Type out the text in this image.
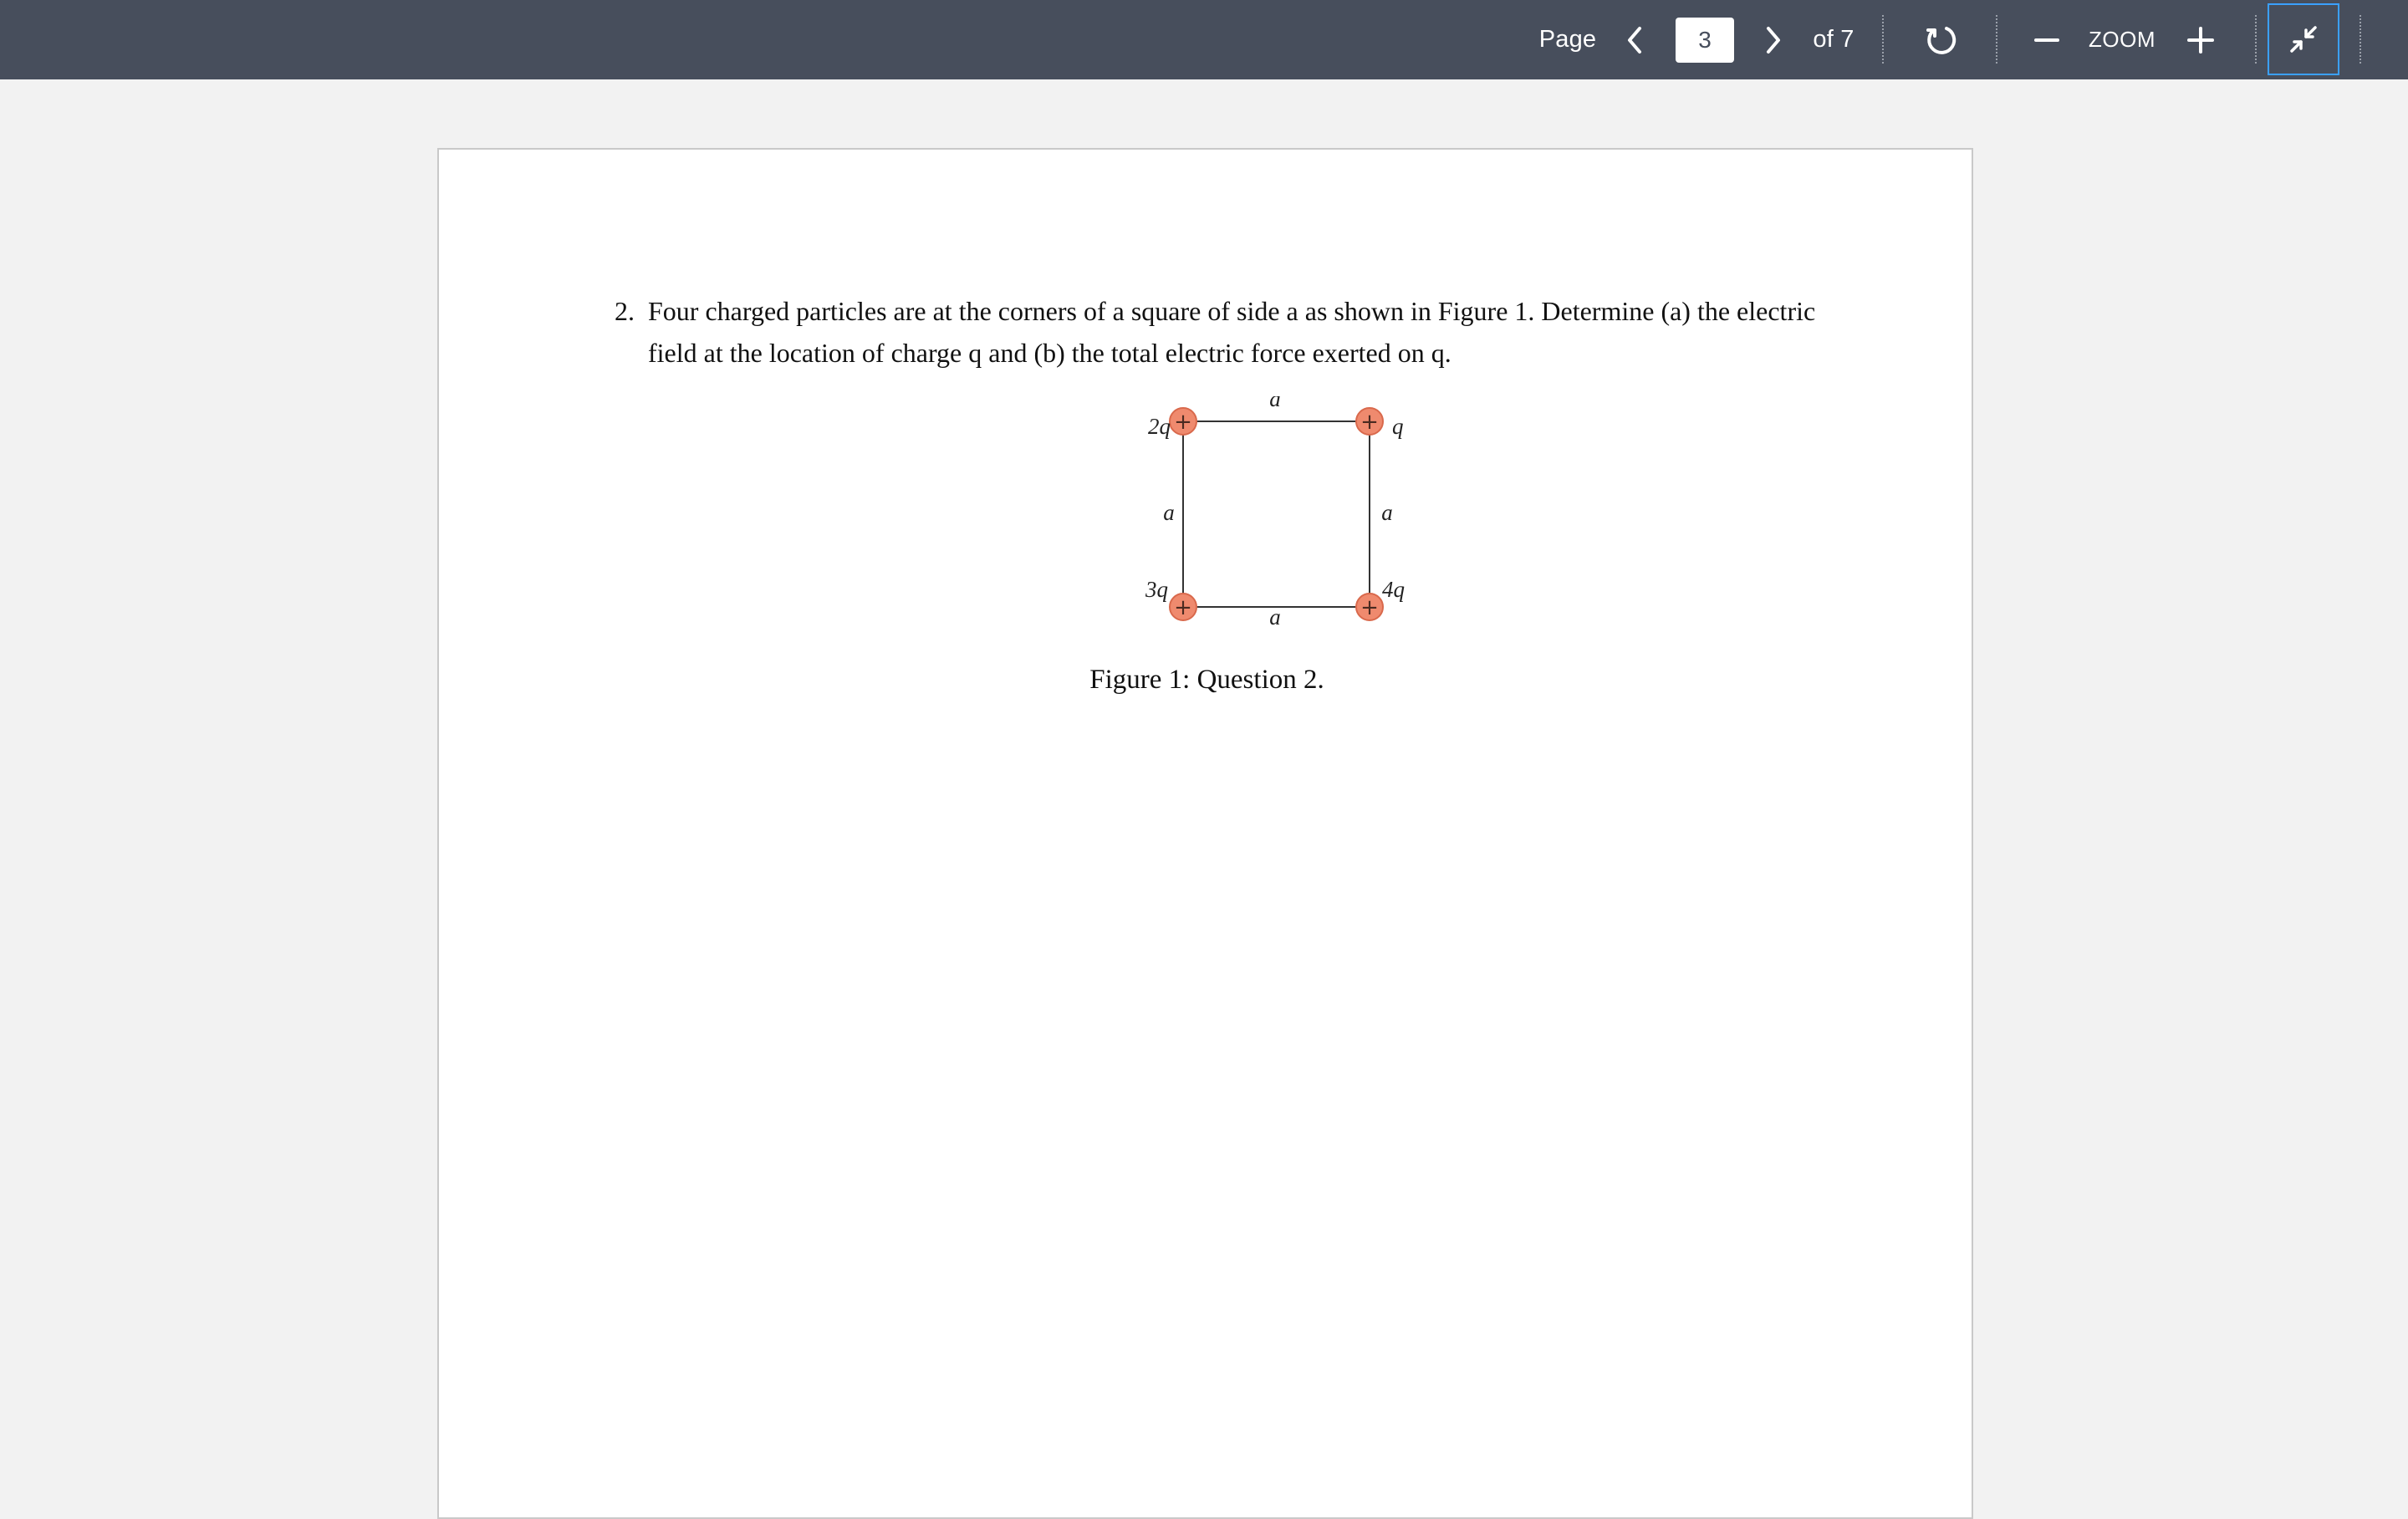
Page
3	of 7	ZOOM
2. Four charged particles are at the corners of a square of side a as shown in Figure 1. Determine (a) the electric field at the location of charge q and (b) the total electric force exerted on q.
+	+
+	+
a
a
a	a
2q	q
3q	4q
Figure 1: Question 2.
